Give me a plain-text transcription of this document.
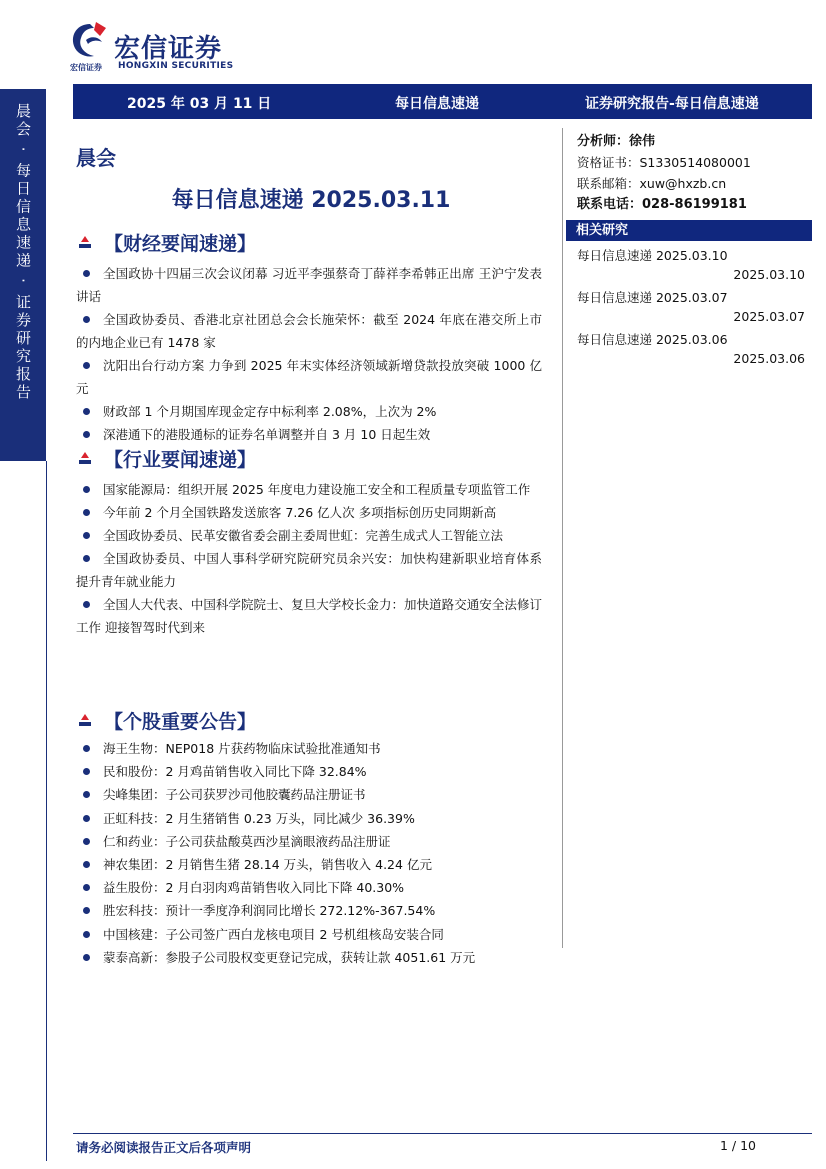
宏信证券
宏信证券 HONGXIN SECURITIES
2025 年 03 月 11 日	每日信息速递	证券研究报告-每日信息速递
晨会 · 每日信息速递 · 证券研究报告	晨会
每日信息速递 2025.03.11
【财经要闻速递】
全国政协十四届三次会议闭幕 习近平李强蔡奇丁薛祥李希韩正出席 王沪宁发表讲话
全国政协委员、香港北京社团总会会长施荣怀：截至 2024 年底在港交所上市的内地企业已有 1478 家
沈阳出台行动方案 力争到 2025 年末实体经济领域新增贷款投放突破 1000 亿元
财政部 1 个月期国库现金定存中标利率 2.08%，上次为 2%
深港通下的港股通标的证券名单调整并自 3 月 10 日起生效
【行业要闻速递】
国家能源局：组织开展 2025 年度电力建设施工安全和工程质量专项监管工作
今年前 2 个月全国铁路发送旅客 7.26 亿人次 多项指标创历史同期新高
全国政协委员、民革安徽省委会副主委周世虹：完善生成式人工智能立法
全国政协委员、中国人事科学研究院研究员余兴安：加快构建新职业培育体系 提升青年就业能力
全国人大代表、中国科学院院士、复旦大学校长金力：加快道路交通安全法修订工作 迎接智驾时代到来
【个股重要公告】
海王生物：NEP018 片获药物临床试验批准通知书
民和股份：2 月鸡苗销售收入同比下降 32.84%
尖峰集团：子公司获罗沙司他胶囊药品注册证书
正虹科技：2 月生猪销售 0.23 万头，同比减少 36.39%
仁和药业：子公司获盐酸莫西沙星滴眼液药品注册证
神农集团：2 月销售生猪 28.14 万头，销售收入 4.24 亿元
益生股份：2 月白羽肉鸡苗销售收入同比下降 40.30%
胜宏科技：预计一季度净利润同比增长 272.12%-367.54%
中国核建：子公司签广西白龙核电项目 2 号机组核岛安装合同
蒙泰高新：参股子公司股权变更登记完成，获转让款 4051.61 万元
分析师：徐伟
资格证书：S1330514080001
联系邮箱：xuw@hxzb.cn
联系电话：028-86199181
相关研究
每日信息速递 2025.03.10
2025.03.10
每日信息速递 2025.03.07
2025.03.07
每日信息速递 2025.03.06
2025.03.06
请务必阅读报告正文后各项声明	1 / 10
